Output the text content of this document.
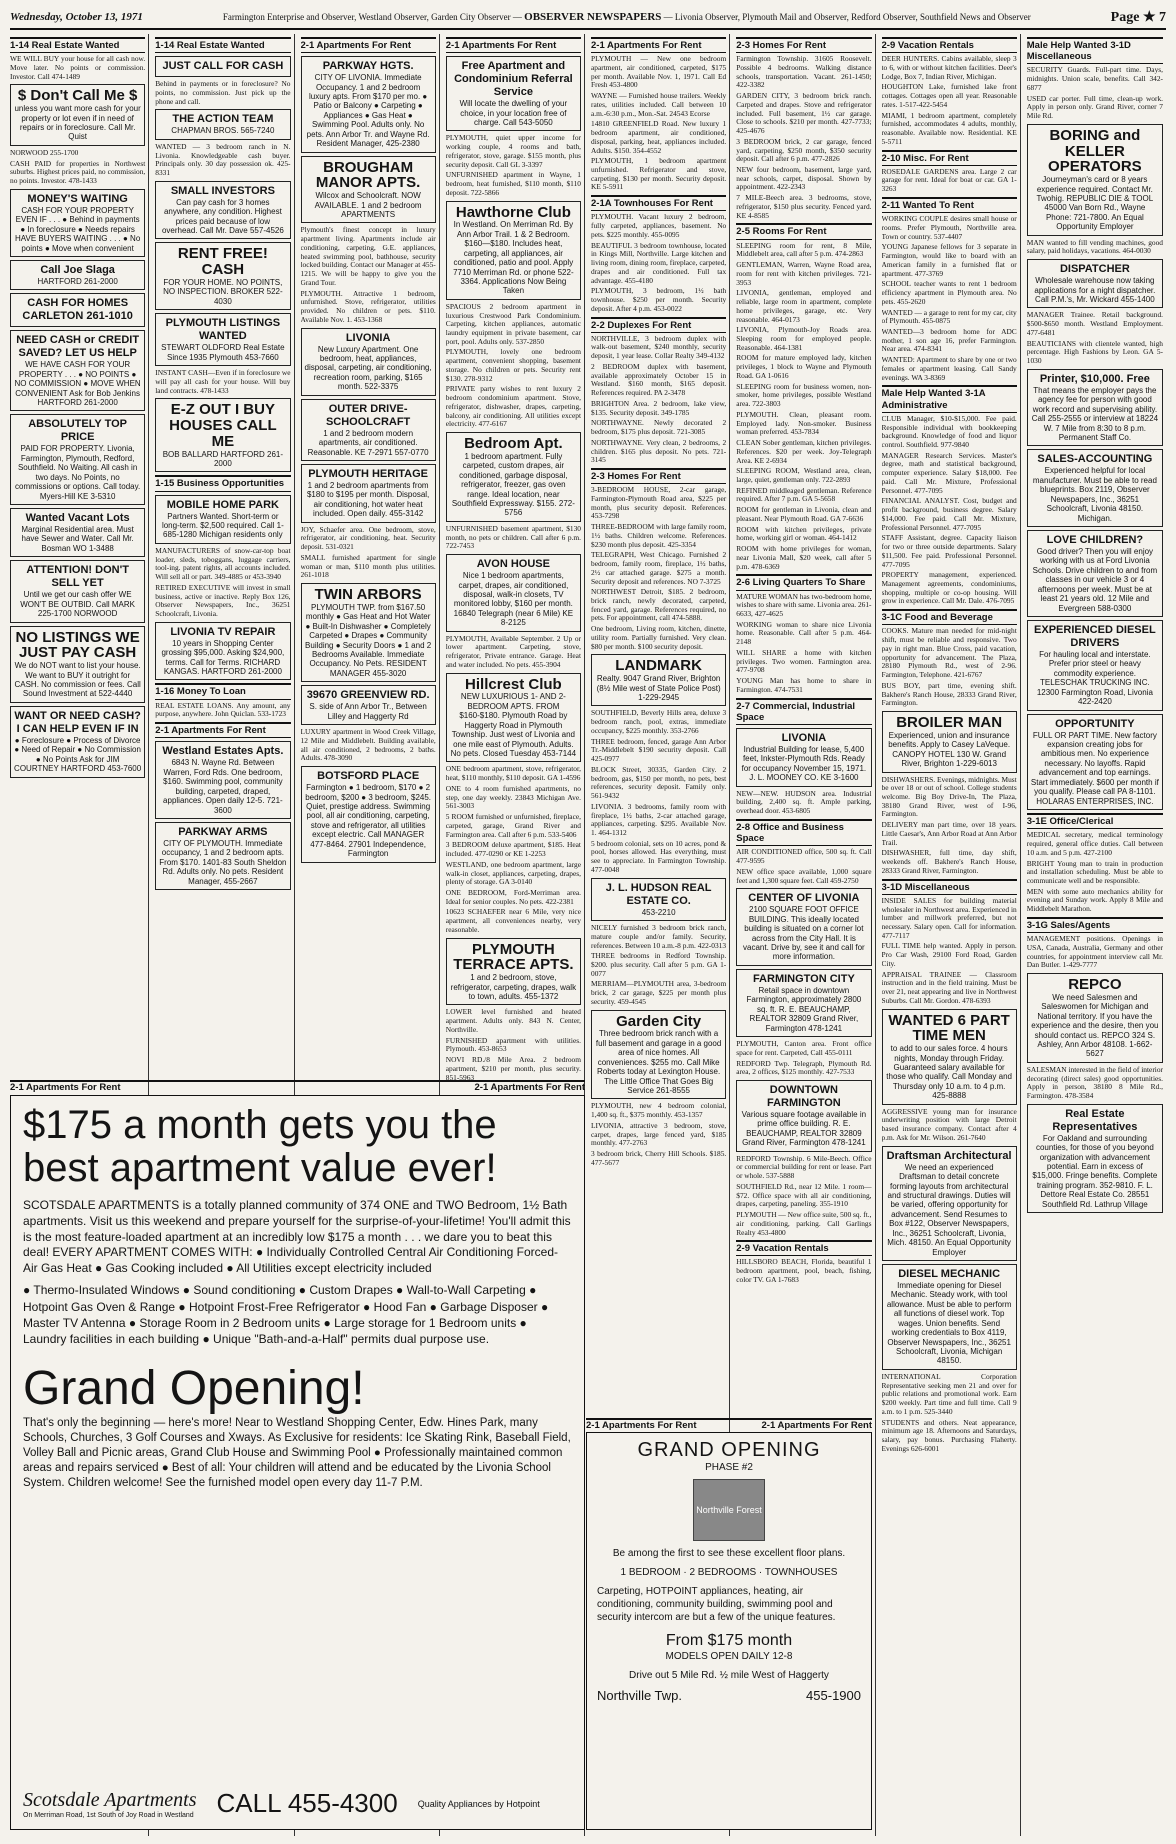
Wednesday, October 13, 1971	Farmington Enterprise and Observer, Westland Observer, Garden City Observer — OBSERVER NEWSPAPERS — Livonia Observer, Plymouth Mail and Observer, Redford Observer, Southfield News and Observer	Page ★ 7
1-14 Real Estate Wanted
WE WILL BUY your house for all cash now. Move later. No points or commission. Investor. Call 474-1489
$ Don't Call Me $
unless you want more cash for your property or lot even if in need of repairs or in foreclosure. Call Mr. Quist
NORWOOD 255-1700
CASH PAID for properties in Northwest suburbs. Highest prices paid, no commission, no points. Investor. 478-1433
MONEY'S WAITING
CASH FOR YOUR PROPERTY EVEN IF . . . ● Behind in payments ● In foreclosure ● Needs repairs HAVE BUYERS WAITING . . . ● No points ● Move when convenient
Call Joe Slaga
HARTFORD 261-2000
CASH FOR HOMES CARLETON 261-1010
NEED CASH or CREDIT SAVED? LET US HELP
WE HAVE CASH FOR YOUR PROPERTY . . . ● NO POINTS ● NO COMMISSION ● MOVE WHEN CONVENIENT Ask for Bob Jenkins HARTFORD 261-2000
ABSOLUTELY TOP PRICE
PAID FOR PROPERTY. Livonia, Farmington, Plymouth, Redford, Southfield. No Waiting. All cash in two days. No Points, no commissions or options. Call today. Myers-Hill KE 3-5310
Wanted Vacant Lots
Marginal Residential area. Must have Sewer and Water. Call Mr. Bosman WO 1-3488
ATTENTION! DON'T SELL YET
Until we get our cash offer WE WON'T BE OUTBID. Call MARK 225-1700 NORWOOD
NO LISTINGS WE JUST PAY CASH
We do NOT want to list your house. We want to BUY it outright for CASH. No commission or fees. Call Sound Investment at 522-4440
WANT OR NEED CASH? I CAN HELP EVEN IF IN
● Foreclosure ● Process of Divorce ● Need of Repair ● No Commission ● No Points Ask for JIM COURTNEY HARTFORD 453-7600
1-14 Real Estate Wanted
JUST CALL FOR CASH
Behind in payments or in foreclosure? No points, no commission. Just pick up the phone and call.
THE ACTION TEAM
CHAPMAN BROS. 565-7240
WANTED — 3 bedroom ranch in N. Livonia. Knowledgeable cash buyer. Principals only. 30 day possession ok. 425-8331
SMALL INVESTORS
Can pay cash for 3 homes anywhere, any condition. Highest prices paid because of low overhead. Call Mr. Dave 557-4526
RENT FREE! CASH
FOR YOUR HOME. NO POINTS, NO INSPECTION. BROKER 522-4030
PLYMOUTH LISTINGS WANTED
STEWART OLDFORD Real Estate Since 1935 Plymouth 453-7660
INSTANT CASH—Even if in foreclosure we will pay all cash for your house. Will buy land contracts. 478-1433
E-Z OUT I BUY HOUSES CALL ME
BOB BALLARD HARTFORD 261-2000
1-15 Business Opportunities
MOBILE HOME PARK
Partners Wanted. Short-term or long-term. $2,500 required. Call 1-685-1280 Michigan residents only
MANUFACTURERS of snow-car-top boat loader, sleds, toboggans, luggage carriers, tool-ing. patent rights, all accounts included. Will sell all or part. 349-4885 or 453-3940
RETIRED EXECUTIVE will invest in small business, active or inactive. Reply Box 126, Observer Newspapers, Inc., 36251 Schoolcraft, Livonia.
LIVONIA TV REPAIR
10 years in Shopping Center grossing $95,000. Asking $24,900, terms. Call for Terms. RICHARD KANGAS. HARTFORD 261-2000
1-16 Money To Loan
REAL ESTATE LOANS. Any amount, any purpose, anywhere. John Quiclan. 533-1723
2-1 Apartments For Rent
Westland Estates Apts.
6843 N. Wayne Rd. Between Warren, Ford Rds. One bedroom, $160. Swimming pool, community building, carpeted, draped, appliances. Open daily 12-5. 721-3600
PARKWAY ARMS
CITY OF PLYMOUTH. Immediate occupancy, 1 and 2 bedroom apts. From $170. 1401-83 South Sheldon Rd. Adults only. No pets. Resident Manager, 455-2667
2-1 Apartments For Rent
PARKWAY HGTS.
CITY OF LIVONIA. Immediate Occupancy. 1 and 2 bedroom luxury apts. From $170 per mo. ● Patio or Balcony ● Carpeting ● Appliances ● Gas Heat ● Swimming Pool. Adults only. No pets. Ann Arbor Tr. and Wayne Rd. Resident Manager, 425-2380
BROUGHAM MANOR APTS.
Wilcox and Schoolcraft. NOW AVAILABLE. 1 and 2 bedroom APARTMENTS
Plymouth's finest concept in luxury apartment living. Apartments include air conditioning, carpeting, G.E. appliances, heated swimming pool, bathhouse, security locked building. Contact our Manager at 455-1215. We will be happy to give you the Grand Tour.
PLYMOUTH. Attractive 1 bedroom, unfurnished. Stove, refrigerator, utilities provided. No children or pets. $110. Available Nov. 1. 453-1368
LIVONIA
New Luxury Apartment. One bedroom, heat, appliances, disposal, carpeting, air conditioning, recreation room, parking, $165 month. 522-3375
OUTER DRIVE-SCHOOLCRAFT
1 and 2 bedroom modern apartments, air conditioned. Reasonable. KE 7-2971 557-0770
PLYMOUTH HERITAGE
1 and 2 bedroom apartments from $180 to $195 per month. Disposal, air conditioning, hot water heat included. Open daily. 455-3142
JOY, Schaefer area. One bedroom, stove, refrigerator, air conditioning, heat. Security deposit. 531-0321
SMALL furnished apartment for single woman or man, $110 month plus utilities. 261-1018
TWIN ARBORS
PLYMOUTH TWP. from $167.50 monthly ● Gas Heat and Hot Water ● Built-In Dishwasher ● Completely Carpeted ● Drapes ● Community Building ● Security Doors ● 1 and 2 Bedrooms Available. Immediate Occupancy. No Pets. RESIDENT MANAGER 455-3020
39670 GREENVIEW RD.
S. side of Ann Arbor Tr., Between Lilley and Haggerty Rd
LUXURY apartment in Wood Creek Village, 12 Mile and Middlebelt. Building available, all air conditioned, 2 bedrooms, 2 baths. Adults. 478-3090
BOTSFORD PLACE
Farmington ● 1 bedroom, $170 ● 2 bedroom, $200 ● 3 bedroom, $245. Quiet, prestige address. Swimming pool, all air conditioning, carpeting, stove and refrigerator, all utilities except electric. Call MANAGER 477-8464. 27901 Independence, Farmington
2-1 Apartments For Rent
Free Apartment and Condominium Referral Service
Will locate the dwelling of your choice, in your location free of charge. Call 543-5050
PLYMOUTH, quiet upper income for working couple, 4 rooms and bath, refrigerator, stove, garage. $155 month, plus security deposit. Call GL 3-3397
UNFURNISHED apartment in Wayne, 1 bedroom, heat furnished, $110 month, $110 deposit. 722-5866
Hawthorne Club
In Westland. On Merriman Rd. By Ann Arbor Trail. 1 & 2 Bedroom. $160—$180. Includes heat, carpeting, all appliances, air conditioned, patio and pool. Apply 7710 Merriman Rd. or phone 522-3364. Applications Now Being Taken
SPACIOUS 2 bedroom apartment in luxurious Crestwood Park Condominium. Carpeting, kitchen appliances, automatic laundry equipment in private basement, car port, pool. Adults only. 537-2850
PLYMOUTH, lovely one bedroom apartment, convenient shopping, basement storage. No children or pets. Security rent $130. 278-9312
PRIVATE party wishes to rent luxury 2 bedroom condominium apartment. Stove, refrigerator, dishwasher, drapes, carpeting, balcony, air conditioning. All utilities except electricity. 477-6167
Bedroom Apt.
1 bedroom apartment. Fully carpeted, custom drapes, air conditioned, garbage disposal, refrigerator, freezer, gas oven range. Ideal location, near Southfield Expressway. $155. 272-5756
UNFURNISHED basement apartment, $130 month, no pets or children. Call after 6 p.m. 722-7453
AVON HOUSE
Nice 1 bedroom apartments, carpet, drapes, air conditioned, disposal, walk-in closets, TV monitored lobby, $160 per month. 16840 Telegraph (near 6 Mile) KE 8-2125
PLYMOUTH, Available September. 2 Up or lower apartment. Carpeting, stove, refrigerator, Private entrance. Garage. Heat and water included. No pets. 455-3904
Hillcrest Club
NEW LUXURIOUS 1- AND 2-BEDROOM APTS. FROM $160-$180. Plymouth Road by Haggerty Road in Plymouth Township. Just west of Livonia and one mile east of Plymouth. Adults. No pets. Closed Tuesday 453-7144
ONE bedroom apartment, stove, refrigerator, heat, $110 monthly, $110 deposit. GA 1-4596
ONE to 4 room furnished apartments, no step, one day weekly. 23843 Michigan Ave. 561-3003
5 ROOM furnished or unfurnished, fireplace, carpeted, garage, Grand River and Farmington area. Call after 6 p.m. 533-5406
3 BEDROOM deluxe apartment, $185. Heat included. 477-0290 or KE 1-2253
WESTLAND, one bedroom apartment, large walk-in closet, appliances, carpeting, drapes, plenty of storage. GA 3-0140
ONE BEDROOM, Ford-Merriman area. Ideal for senior couples. No pets. 422-2381
10623 SCHAEFER near 6 Mile, very nice apartment, all conveniences nearby, very reasonable.
PLYMOUTH TERRACE APTS.
1 and 2 bedroom, stove, refrigerator, carpeting, drapes, walk to town, adults. 455-1372
LOWER level furnished and heated apartment. Adults only. 843 N. Center, Northville.
FURNISHED apartment with utilities. Plymouth. 453-8653
NOVI RD./8 Mile Area. 2 bedroom apartment, $210 per month, plus security. 851-5963
2-1 Apartments For Rent
PLYMOUTH — New one bedroom apartment, air conditioned, carpeted, $175 per month. Available Nov. 1, 1971. Call Ed Fresh 453-4800
WAYNE — Furnished house trailers. Weekly rates, utilities included. Call between 10 a.m.-6:30 p.m., Mon.-Sat. 24543 Ecorse
14810 GREENFIELD Road. New luxury 1 bedroom apartment, air conditioned, disposal, parking, heat, appliances included. Adults. $150. 354-4552
PLYMOUTH, 1 bedroom apartment unfurnished. Refrigerator and stove, carpeting. $130 per month. Security deposit. KE 5-5911
2-1A Townhouses For Rent
PLYMOUTH. Vacant luxury 2 bedroom, fully carpeted, appliances, basement. No pets. $225 monthly. 455-0095
BEAUTIFUL 3 bedroom townhouse, located in Kings Mill, Northville. Large kitchen and living room, dining room, fireplace, carpeted, drapes and air conditioned. Full tax advantage. 455-4180
PLYMOUTH, 3 bedroom, 1½ bath townhouse. $250 per month. Security deposit. After 4 p.m. 453-0022
2-2 Duplexes For Rent
NORTHVILLE, 3 bedroom duplex with walk-out basement, $240 monthly, security deposit, 1 year lease. Collar Realty 349-4132
2 BEDROOM duplex with basement, available approximately October 15 in Westland. $160 month, $165 deposit. References required. PA 2-3478
BRIGHTON Area. 2 bedroom, lake view, $135. Security deposit. 349-1785
NORTHWAYNE. Newly decorated 2 bedroom, $175 plus deposit. 721-3085
NORTHWAYNE. Very clean, 2 bedrooms, 2 children. $165 plus deposit. No pets. 721-3145
2-3 Homes For Rent
3-BEDROOM HOUSE, 2-car garage, Farmington-Plymouth Road area, $225 per month, plus security deposit. References. 453-7298
THREE-BEDROOM with large family room, 1½ baths. Children welcome. References. $230 month plus deposit. 425-3354
TELEGRAPH, West Chicago. Furnished 2 bedroom, family room, fireplace, 1½ baths, 2½ car attached garage. $275 a month. Security deposit and references. NO 7-3725
NORTHWEST Detroit, $185. 2 bedroom, brick ranch, newly decorated, carpeted, fenced yard, garage. References required, no pets. For appointment, call 474-5888.
One bedroom, Living room, kitchen, dinette, utility room. Partially furnished. Very clean. $80 per month. $100 security deposit.
LANDMARK
Realty. 9047 Grand River, Brighton (8½ Mile west of State Police Post) 1-229-2945
SOUTHFIELD, Beverly Hills area, deluxe 3 bedroom ranch, pool, extras, immediate occupancy, $225 monthly. 353-2766
THREE bedroom, fenced, garage Ann Arbor Tr.-Middlebelt $190 security deposit. Call 425-0977
BLOCK Street, 30335, Garden City. 2 bedroom, gas, $150 per month, no pets, best references, security deposit. Family only. 561-9432
LIVONIA. 3 bedrooms, family room with fireplace, 1½ baths, 2-car attached garage, appliances, carpeting. $295. Available Nov. 1. 464-1312
5 bedroom colonial, sets on 10 acres, pond & pool, horses allowed. Has everything, must see to appreciate. In Farmington Township. 477-0048
J. L. HUDSON REAL ESTATE CO.
453-2210
NICELY furnished 3 bedroom brick ranch, mature couple and/or family. Security, references. Between 10 a.m.-8 p.m. 422-0313
THREE bedrooms in Redford Township. $200. plus security. Call after 5 p.m. GA 1-0077
MERRIAM—PLYMOUTH area, 3-bedroom brick, 2 car garage, $225 per month plus security. 459-4545
Garden City
Three bedroom brick ranch with a full basement and garage in a good area of nice homes. All conveniences. $255 mo. Call Mike Roberts today at Lexington House. The Little Office That Goes Big Service 261-8555
PLYMOUTH, new 4 bedroom colonial, 1,400 sq. ft., $375 monthly. 453-1357
LIVONIA, attractive 3 bedroom, stove, carpet, drapes, large fenced yard, $185 monthly. 477-2763
3 bedroom brick, Cherry Hill Schools. $185. 477-5677
2-3 Homes For Rent
Farmington Township. 31605 Roosevelt. Possible 4 bedrooms. Walking distance schools, transportation. Vacant. 261-1450; 422-3382
GARDEN CITY, 3 bedroom brick ranch. Carpeted and drapes. Stove and refrigerator included. Full basement, 1½ car garage. Close to schools. $210 per month. 427-7733; 425-4676
3 BEDROOM brick, 2 car garage, fenced yard, carpeting, $250 month, $350 security deposit. Call after 6 p.m. 477-2826
NEW four bedroom, basement, large yard, near schools, carpet, disposal. Shown by appointment. 422-2343
7 MILE-Beech area. 3 bedrooms, stove, refrigerator, $150 plus security. Fenced yard. KE 4-8585
2-5 Rooms For Rent
SLEEPING room for rent, 8 Mile, Middlebelt area, call after 5 p.m. 474-2863
GENTLEMAN, Warren, Wayne Road area, room for rent with kitchen privileges. 721-3953
LIVONIA, gentleman, employed and reliable, large room in apartment, complete home privileges, garage, etc. Very reasonable. 464-0173
LIVONIA, Plymouth-Joy Roads area. Sleeping room for employed people. Reasonable. 464-1381
ROOM for mature employed lady, kitchen privileges, 1 block to Wayne and Plymouth Road. GA 1-0616
SLEEPING room for business women, non-smoker, home privileges, possible Westland area. 722-3803
PLYMOUTH. Clean, pleasant room. Employed lady. Non-smoker. Business woman preferred. 453-7834
CLEAN Sober gentleman, kitchen privileges. References. $20 per week. Joy-Telegraph Area. KE 2-6934
SLEEPING ROOM, Westland area, clean, large, quiet, gentleman only. 722-2893
REFINED middleaged gentleman. Reference required. After 7 p.m. GA 5-5658
ROOM for gentleman in Livonia, clean and pleasant. Near Plymouth Road. GA 7-6636
ROOM with kitchen privileges, private home, working girl or woman. 464-1412
ROOM with home privileges for woman, near Livonia Mall, $20 week, call after 5 p.m. 478-6369
2-6 Living Quarters To Share
MATURE WOMAN has two-bedroom home, wishes to share with same. Livonia area. 261-6633, 427-4625
WORKING woman to share nice Livonia home. Reasonable. Call after 5 p.m. 464-2148
WILL SHARE a home with kitchen privileges. Two women. Farmington area. 477-9708
YOUNG Man has home to share in Farmington. 474-7531
2-7 Commercial, Industrial Space
LIVONIA
Industrial Building for lease, 5,400 feet, Inkster-Plymouth Rds. Ready for occupancy November 15, 1971. J. L. MOONEY CO. KE 3-1600
NEW—NEW. HUDSON area. Industrial building, 2,400 sq. ft. Ample parking, overhead door. 453-6805
2-8 Office and Business Space
AIR CONDITIONED office, 500 sq. ft. Call 477-9595
NEW office space available, 1,000 square feet and 1,300 square feet. Call 459-2750
CENTER OF LIVONIA
2100 SQUARE FOOT OFFICE BUILDING. This ideally located building is situated on a corner lot across from the City Hall. It is vacant. Drive by, see it and call for more information.
FARMINGTON CITY
Retail space in downtown Farmington, approximately 2800 sq. ft. R. E. BEAUCHAMP, REALTOR 32809 Grand River, Farmington 478-1241
PLYMOUTH, Canton area. Front office space for rent. Carpeted, Call 455-0111
REDFORD Twp. Telegraph, Plymouth Rd. area, 2 offices, $125 monthly. 427-7533
DOWNTOWN FARMINGTON
Various square footage available in prime office building. R. E. BEAUCHAMP, REALTOR 32809 Grand River, Farmington 478-1241
REDFORD Township. 6 Mile-Beech. Office or commercial building for rent or lease. Part or whole. 537-5888
SOUTHFIELD Rd., near 12 Mile. 1 room—$72. Office space with all air conditioning, drapes, carpeting, paneling. 355-1910
PLYMOUTH — New office suite, 500 sq. ft., air conditioning, parking. Call Garlings Realty 453-4800
2-9 Vacation Rentals
HILLSBORO BEACH, Florida, beautiful 1 bedroom apartment, pool, beach, fishing, color TV. GA 1-7683
2-9 Vacation Rentals
DEER HUNTERS. Cabins available, sleep 3 to 6, with or without kitchen facilities. Deer's Lodge, Box 7, Indian River, Michigan.
HOUGHTON Lake, furnished lake front cottages. Cottages open all year. Reasonable rates. 1-517-422-5454
MIAMI, 1 bedroom apartment, completely furnished, accommodates 4 adults, monthly, reasonable. Available now. Residential. KE 5-5711
2-10 Misc. For Rent
ROSEDALE GARDENS area. Large 2 car garage for rent. Ideal for boat or car. GA 1-3263
2-11 Wanted To Rent
WORKING COUPLE desires small house or rooms. Prefer Plymouth, Northville area. Town or country. 537-4407
YOUNG Japanese fellows for 3 separate in Farmington, would like to board with an American family in a furnished flat or apartment. 477-3769
SCHOOL teacher wants to rent 1 bedroom efficiency apartment in Plymouth area. No pets. 455-2620
WANTED — a garage to rent for my car, city of Plymouth. 455-0875
WANTED—3 bedroom home for ADC mother, 1 son age 16, prefer Farmington. Near area. 474-8341
WANTED: Apartment to share by one or two females or apartment leasing. Call Sandy evenings. WA 3-8369
Male Help Wanted 3-1A Administrative
CLUB Manager, $10-$15,000. Fee paid. Responsible individual with bookkeeping background. Knowledge of food and liquor control. Southfield. 977-9840
MANAGER Research Services. Master's degree, math and statistical background, computer experience. Salary $18,000. Fee paid. Call Mr. Mixture, Professional Personnel. 477-7095
FINANCIAL ANALYST. Cost, budget and profit background, business degree. Salary $14,000. Fee paid. Call Mr. Mixture, Professional Personnel. 477-7095
STAFF Assistant, degree. Capacity liaison for two or three outside departments. Salary $11,500. Fee paid. Professional Personnel. 477-7095
PROPERTY management, experienced. Management agreements, condominiums, shopping, multiple or co-op housing. Will grow in experience. Call Mr. Dale. 476-7095
3-1C Food and Beverage
COOKS. Mature man needed for mid-night shift, must be reliable and responsive. Two pay in right man. Blue Cross, paid vacation, opportunity for advancement. The Plaza, 28180 Plymouth Rd., west of 2-96. Farmington, Telephone. 421-6767
BUS BOY, part time, evening shift. Bakhere's Ranch House, 28333 Grand River, Farmington.
BROILER MAN
Experienced, union and insurance benefits. Apply to Casey LaVeque. CANOPY HOTEL 130 W. Grand River, Brighton 1-229-6013
DISHWASHERS. Evenings, midnights. Must be over 18 or out of school. College students welcome. Big Boy Drive-In, The Plaza, 38180 Grand River, west of I-96, Farmington.
DELIVERY man part time, over 18 years. Little Caesar's, Ann Arbor Road at Ann Arbor Trail.
DISHWASHER, full time, day shift, weekends off. Bakhere's Ranch House, 28333 Grand River, Farmington.
3-1D Miscellaneous
INSIDE SALES for building material wholesaler in Northwest area. Experienced in lumber and millwork preferred, but not necessary. Salary open. Call for information. 477-7117
FULL TIME help wanted. Apply in person. Pro Car Wash, 29100 Ford Road, Garden City.
APPRAISAL TRAINEE — Classroom instruction and in the field training. Must be over 21, neat appearing and live in Northwest Suburbs. Call Mr. Gordon. 478-6393
WANTED 6 PART TIME MEN
to add to our sales force. 4 hours nights, Monday through Friday. Guaranteed salary available for those who qualify. Call Monday and Thursday only 10 a.m. to 4 p.m. 425-8888
AGGRESSIVE young man for insurance underwriting position with large Detroit based insurance company. Contact after 4 p.m. Ask for Mr. Wilson. 261-7640
Draftsman Architectural
We need an experienced Draftsman to detail concrete forming layouts from architectural and structural drawings. Duties will be varied, offering opportunity for advancement. Send Resumes to Box #122, Observer Newspapers, Inc., 36251 Schoolcraft, Livonia, Mich. 48150. An Equal Opportunity Employer
DIESEL MECHANIC
Immediate opening for Diesel Mechanic. Steady work, with tool allowance. Must be able to perform all functions of diesel work. Top wages. Union benefits. Send working credentials to Box 4119, Observer Newspapers, Inc., 36251 Schoolcraft, Livonia, Michigan 48150.
INTERNATIONAL Corporation Representative seeking men 21 and over for public relations and promotional work. Earn $200 weekly. Part time and full time. Call 9 a.m. to 1 p.m. 525-3440
STUDENTS and others. Neat appearance, minimum age 18. Afternoons and Saturdays, salary, pay bonus. Purchasing Flaherty. Evenings 626-6001
Male Help Wanted 3-1D Miscellaneous
SECURITY Guards. Full-part time. Days, midnights. Union scale, benefits. Call 342-6877
USED car porter. Full time, clean-up work. Apply in person only. Grand River, corner 7 Mile Rd.
BORING and KELLER OPERATORS
Journeyman's card or 8 years experience required. Contact Mr. Twohig. REPUBLIC DIE & TOOL 45000 Van Born Rd., Wayne Phone: 721-7800. An Equal Opportunity Employer
MAN wanted to fill vending machines, good salary, paid holidays, vacations. 464-0030
DISPATCHER
Wholesale warehouse now taking applications for a night dispatcher. Call P.M.'s, Mr. Wickard 455-1400
MANAGER Trainee. Retail background. $500-$650 month. Westland Employment. 477-6481
BEAUTICIANS with clientele wanted, high percentage. High Fashions by Leon. GA 5-1030
Printer, $10,000. Free
That means the employer pays the agency fee for person with good work record and supervising ability. Call 255-2555 or interview at 18224 W. 7 Mile from 8:30 to 8 p.m. Permanent Staff Co.
SALES-ACCOUNTING
Experienced helpful for local manufacturer. Must be able to read blueprints. Box 2119, Observer Newspapers, Inc., 36251 Schoolcraft, Livonia 48150. Michigan.
LOVE CHILDREN?
Good driver? Then you will enjoy working with us at Ford Livonia Schools. Drive children to and from classes in our vehicle 3 or 4 afternoons per week. Must be at least 21 years old. 12 Mile and Evergreen 588-0300
EXPERIENCED DIESEL DRIVERS
For hauling local and interstate. Prefer prior steel or heavy commodity experience. TELESCHAK TRUCKING INC. 12300 Farmington Road, Livonia 422-2420
OPPORTUNITY
FULL OR PART TIME. New factory expansion creating jobs for ambitious men. No experience necessary. No layoffs. Rapid advancement and top earnings. Start immediately. $600 per month if you qualify. Please call PA 8-1101. HOLARAS ENTERPRISES, INC.
3-1E Office/Clerical
MEDICAL secretary, medical terminology required, general office duties. Call between 10 a.m. and 5 p.m. 427-2100
BRIGHT Young man to train in production and installation scheduling. Must be able to communicate well and be responsible.
MEN with some auto mechanics ability for evening and Sunday work. Apply 8 Mile and Middlebelt Marathon.
3-1G Sales/Agents
MANAGEMENT positions. Openings in USA, Canada, Australia, Germany and other countries, for appointment interview call Mr. Dan Butler. 1-429-7777
REPCO
We need Salesmen and Saleswomen for Michigan and National territory. If you have the experience and the desire, then you should contact us. REPCO 324 S. Ashley, Ann Arbor 48108. 1-662-5627
SALESMAN interested in the field of interior decorating (direct sales) good opportunities. Apply in person, 38180 8 Mile Rd., Farmington. 478-3584
Real Estate Representatives
For Oakland and surrounding counties, for those of you beyond organization with advancement potential. Earn in excess of $15,000. Fringe benefits. Complete training program. 352-9810. F. L. Dettore Real Estate Co. 28551 Southfield Rd. Lathrup Village
2-1 Apartments For Rent	2-1 Apartments For Rent
$175 a month gets you the best apartment value ever!
SCOTSDALE APARTMENTS is a totally planned community of 374 ONE and TWO Bedroom, 1½ Bath apartments. Visit us this weekend and prepare yourself for the surprise-of-your-lifetime! You'll admit this is the most feature-loaded apartment at an incredibly low $175 a month . . . we dare you to beat this deal! EVERY APARTMENT COMES WITH: ● Individually Controlled Central Air Conditioning Forced-Air Gas Heat ● Gas Cooking included ● All Utilities except electricity included
● Thermo-Insulated Windows ● Sound conditioning ● Custom Drapes ● Wall-to-Wall Carpeting ● Hotpoint Gas Oven & Range ● Hotpoint Frost-Free Refrigerator ● Hood Fan ● Garbage Disposer ● Master TV Antenna ● Storage Room in 2 Bedroom units ● Large storage for 1 Bedroom units ● Laundry facilities in each building ● Unique "Bath-and-a-Half" permits dual purpose use.
Grand Opening!
That's only the beginning — here's more! Near to Westland Shopping Center, Edw. Hines Park, many Schools, Churches, 3 Golf Courses and Xways. As Exclusive for residents: Ice Skating Rink, Baseball Field, Volley Ball and Picnic areas, Grand Club House and Swimming Pool ● Professionally maintained common areas and repairs serviced ● Best of all: Your children will attend and be educated by the Livonia School System. Children welcome! See the furnished model open every day 11-7 P.M.
Scotsdale Apartments
On Merriman Road, 1st South of Joy Road in Westland CALL 455-4300 Quality Appliances by Hotpoint
2-1 Apartments For Rent	2-1 Apartments For Rent
GRAND OPENING
PHASE #2
Northville Forest
Be among the first to see these excellent floor plans.
1 BEDROOM · 2 BEDROOMS · TOWNHOUSES
Carpeting, HOTPOINT appliances, heating, air conditioning, community building, swimming pool and security intercom are but a few of the unique features.
From $175 month
MODELS OPEN DAILY 12-8
Drive out 5 Mile Rd. ½ mile West of Haggerty
Northville Twp.	455-1900
